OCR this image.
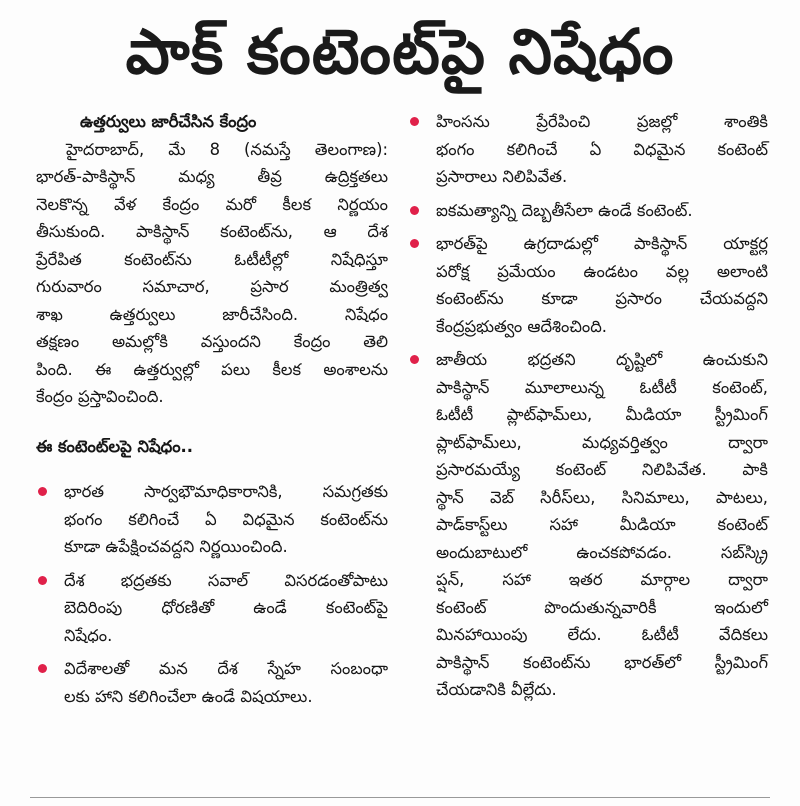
పాక్ కంటెంట్‌పై నిషేధం
ఉత్తర్వులు జారీచేసిన కేంద్రం
హైదరాబాద్, మే 8 (నమస్తే తెలంగాణ):
భారత్‌-పాకిస్థాన్ మధ్య తీవ్ర ఉద్రిక్తతలు
నెలకొన్న వేళ కేంద్రం మరో కీలక నిర్ణయం
తీసుకుంది. పాకిస్థాన్ కంటెంట్‌ను, ఆ దేశ
ప్రేరేపిత కంటెంట్‌ను ఓటీటీల్లో నిషేధిస్తూ
గురువారం సమాచార, ప్రసార మంత్రిత్వ
శాఖ ఉత్తర్వులు జారీచేసింది. నిషేధం
తక్షణం అమల్లోకి వస్తుందని కేంద్రం తెలి
పింది. ఈ ఉత్తర్వుల్లో పలు కీలక అంశాలను
కేంద్రం ప్రస్తావించింది.
ఈ కంటెంట్‌లపై నిషేధం..
భారత సార్వభౌమాధికారానికి, సమగ్రతకు
భంగం కలిగించే ఏ విధమైన కంటెంట్‌ను
కూడా ఉపేక్షించవద్దని నిర్ణయించింది.
దేశ భద్రతకు సవాల్ విసరడంతోపాటు
బెదిరింపు ధోరణితో ఉండే కంటెంట్‌పై
నిషేధం.
విదేశాలతో మన దేశ స్నేహ సంబంధా
లకు హాని కలిగించేలా ఉండే విషయాలు.
హింసను ప్రేరేపించి ప్రజల్లో శాంతికి
భంగం కలిగించే ఏ విధమైన కంటెంట్
ప్రసారాలు నిలిపివేత.
ఐకమత్యాన్ని దెబ్బతీసేలా ఉండే కంటెంట్.
భారత్‌పై ఉగ్రదాడుల్లో పాకిస్థాన్ యాక్టర్ల
పరోక్ష ప్రమేయం ఉండటం వల్ల అలాంటి
కంటెంట్‌ను కూడా ప్రసారం చేయవద్దని
కేంద్రప్రభుత్వం ఆదేశించింది.
జాతీయ భద్రతని దృష్టిలో ఉంచుకుని
పాకిస్థాన్ మూలాలున్న ఓటీటీ కంటెంట్,
ఓటీటీ ప్లాట్‌ఫామ్‌లు, మీడియా స్ట్రీమింగ్
ప్లాట్‌ఫామ్‌లు, మధ్యవర్తిత్వం ద్వారా
ప్రసారమయ్యే కంటెంట్ నిలిపివేత. పాకి
స్థాన్ వెబ్ సిరీస్‌లు, సినిమాలు, పాటలు,
పాడ్‌కాస్ట్‌లు సహా మీడియా కంటెంట్
అందుబాటులో ఉంచకపోవడం. సబ్‌స్క్రి
ప్షన్, సహా ఇతర మార్గాల ద్వారా
కంటెంట్ పొందుతున్నవారికీ ఇందులో
మినహాయింపు లేదు. ఓటీటీ వేదికలు
పాకిస్థాన్ కంటెంట్‌ను భారత్‌లో స్ట్రీమింగ్
చేయడానికి వీల్లేదు.
